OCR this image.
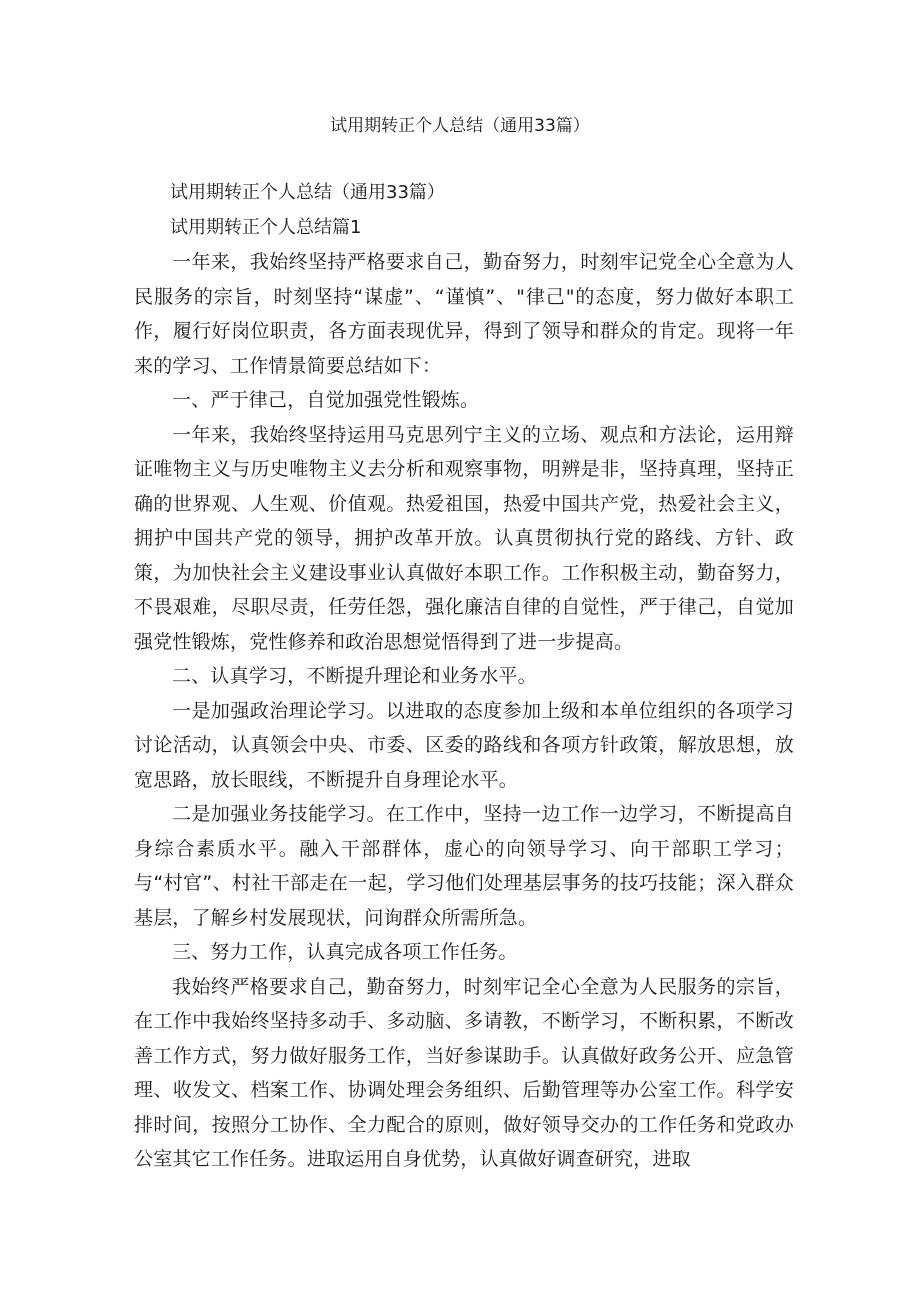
试用期转正个人总结（通用33篇）

试用期转正个人总结（通用33篇）

试用期转正个人总结篇1

一年来，我始终坚持严格要求自己，勤奋努力，时刻牢记党全心全意为人民服务的宗旨，时刻坚持“谋虚”、“谨慎”、"律己"的态度，努力做好本职工作，履行好岗位职责，各方面表现优异，得到了领导和群众的肯定。现将一年来的学习、工作情景简要总结如下：

一、严于律己，自觉加强党性锻炼。

一年来，我始终坚持运用马克思列宁主义的立场、观点和方法论，运用辩证唯物主义与历史唯物主义去分析和观察事物，明辨是非，坚持真理，坚持正确的世界观、人生观、价值观。热爱祖国，热爱中国共产党，热爱社会主义，拥护中国共产党的领导，拥护改革开放。认真贯彻执行党的路线、方针、政策，为加快社会主义建设事业认真做好本职工作。工作积极主动，勤奋努力，不畏艰难，尽职尽责，任劳任怨，强化廉洁自律的自觉性，严于律己，自觉加强党性锻炼，党性修养和政治思想觉悟得到了进一步提高。

二、认真学习，不断提升理论和业务水平。

一是加强政治理论学习。以进取的态度参加上级和本单位组织的各项学习讨论活动，认真领会中央、市委、区委的路线和各项方针政策，解放思想，放宽思路，放长眼线，不断提升自身理论水平。

二是加强业务技能学习。在工作中，坚持一边工作一边学习，不断提高自身综合素质水平。融入干部群体，虚心的向领导学习、向干部职工学习；与“村官”、村社干部走在一起，学习他们处理基层事务的技巧技能；深入群众基层，了解乡村发展现状，问询群众所需所急。

三、努力工作，认真完成各项工作任务。

我始终严格要求自己，勤奋努力，时刻牢记全心全意为人民服务的宗旨，在工作中我始终坚持多动手、多动脑、多请教，不断学习，不断积累，不断改善工作方式，努力做好服务工作，当好参谋助手。认真做好政务公开、应急管理、收发文、档案工作、协调处理会务组织、后勤管理等办公室工作。科学安排时间，按照分工协作、全力配合的原则，做好领导交办的工作任务和党政办公室其它工作任务。进取运用自身优势，认真做好调查研究，进取
